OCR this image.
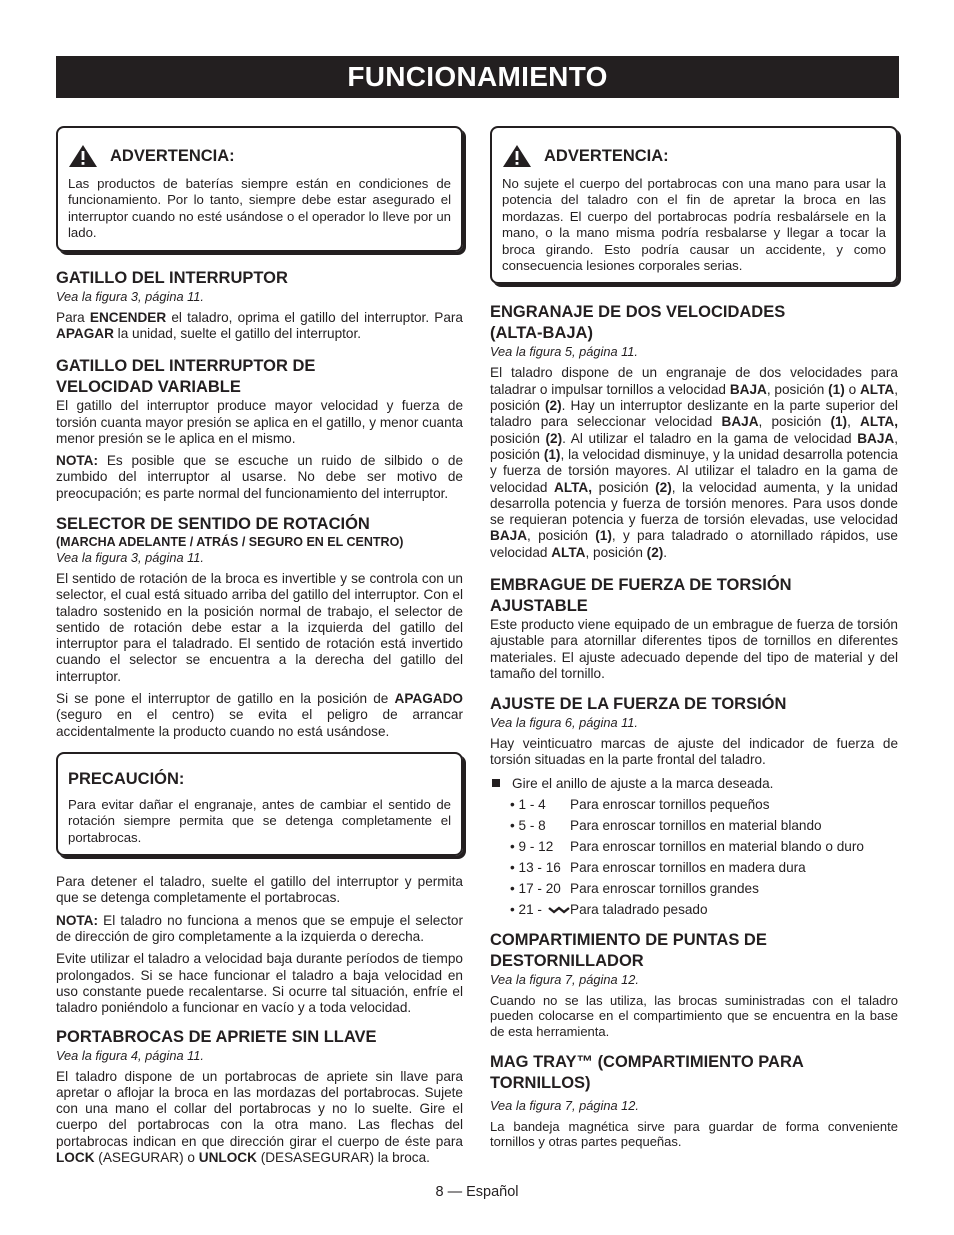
FUNCIONAMIENTO
ADVERTENCIA:

Las productos de baterías siempre están en condiciones de funcionamiento. Por lo tanto, siempre debe estar asegurado el interruptor cuando no esté usándose o el operador lo lleve por un lado.

GATILLO DEL INTERRUPTOR

Vea la figura 3, página 11.

Para ENCENDER el taladro, oprima el gatillo del interruptor. Para APAGAR la unidad, suelte el gatillo del interruptor.

GATILLO DEL INTERRUPTOR DE VELOCIDAD VARIABLE

El gatillo del interruptor produce mayor velocidad y fuerza de torsión cuanta mayor presión se aplica en el gatillo, y menor cuanta menor presión se le aplica en el mismo.

NOTA: Es posible que se escuche un ruido de silbido o de zumbido del interruptor al usarse. No debe ser motivo de preocupación; es parte normal del funcionamiento del interruptor.

SELECTOR DE SENTIDO DE ROTACIÓN

(MARCHA ADELANTE / ATRÁS / SEGURO EN EL CENTRO)

Vea la figura 3, página 11.

El sentido de rotación de la broca es invertible y se controla con un selector, el cual está situado arriba del gatillo del interruptor. Con el taladro sostenido en la posición normal de trabajo, el selector de sentido de rotación debe estar a la izquierda del gatillo del interruptor para el taladrado. El sentido de rotación está invertido cuando el selector se encuentra a la derecha del gatillo del interruptor.

Si se pone el interruptor de gatillo en la posición de APAGADO (seguro en el centro) se evita el peligro de arrancar accidentalmente la producto cuando no está usándose.

PRECAUCIÓN:

Para evitar dañar el engranaje, antes de cambiar el sentido de rotación siempre permita que se detenga completamente el portabrocas.

Para detener el taladro, suelte el gatillo del interruptor y permita que se detenga completamente el portabrocas.

NOTA: El taladro no funciona a menos que se empuje el selector de dirección de giro completamente a la izquierda o derecha.

Evite utilizar el taladro a velocidad baja durante períodos de tiempo prolongados. Si se hace funcionar el taladro a baja velocidad en uso constante puede recalentarse. Si ocurre tal situación, enfríe el taladro poniéndolo a funcionar en vacío y a toda velocidad.

PORTABROCAS DE APRIETE SIN LLAVE

Vea la figura 4, página 11.

El taladro dispone de un portabrocas de apriete sin llave para apretar o aflojar la broca en las mordazas del portabrocas. Sujete con una mano el collar del portabrocas y no lo suelte. Gire el cuerpo del portabrocas con la otra mano. Las flechas del portabrocas indican en que dirección girar el cuerpo de éste para LOCK (ASEGURAR) o UNLOCK (DESASEGURAR) la broca.

ADVERTENCIA:

No sujete el cuerpo del portabrocas con una mano para usar la potencia del taladro con el fin de apretar la broca en las mordazas. El cuerpo del portabrocas podría resbalársele en la mano, o la mano misma podría resbalarse y llegar a tocar la broca girando. Esto podría causar un accidente, y como consecuencia lesiones corporales serias.

ENGRANAJE DE DOS VELOCIDADES (ALTA-BAJA)

Vea la figura 5, página 11.

El taladro dispone de un engranaje de dos velocidades para taladrar o impulsar tornillos a velocidad BAJA, posición (1) o ALTA, posición (2). Hay un interruptor deslizante en la parte superior del taladro para seleccionar velocidad BAJA, posición (1), ALTA, posición (2). Al utilizar el taladro en la gama de velocidad BAJA, posición (1), la velocidad disminuye, y la unidad desarrolla potencia y fuerza de torsión mayores. Al utilizar el taladro en la gama de velocidad ALTA, posición (2), la velocidad aumenta, y la unidad desarrolla potencia y fuerza de torsión menores. Para usos donde se requieran potencia y fuerza de torsión elevadas, use velocidad BAJA, posición (1), y para taladrado o atornillado rápidos, use velocidad ALTA, posición (2).

EMBRAGUE DE FUERZA DE TORSIÓN AJUSTABLE

Este producto viene equipado de un embrague de fuerza de torsión ajustable para atornillar diferentes tipos de tornillos en diferentes materiales. El ajuste adecuado depende del tipo de material y del tamaño del tornillo.

AJUSTE DE LA FUERZA DE TORSIÓN

Vea la figura 6, página 11.

Hay veinticuatro marcas de ajuste del indicador de fuerza de torsión situadas en la parte frontal del taladro.

Gire el anillo de ajuste a la marca deseada.
• 1 - 4	Para enroscar tornillos pequeños
• 5 - 8	Para enroscar tornillos en material blando
• 9 - 12	Para enroscar tornillos en material blando o duro
• 13 - 16 Para enroscar tornillos en madera dura
• 17 - 20 Para enroscar tornillos grandes
• 21 -	Para taladrado pesado
COMPARTIMIENTO DE PUNTAS DE DESTORNILLADOR

Vea la figura 7, página 12.

Cuando no se las utiliza, las brocas suministradas con el taladro pueden colocarse en el compartimiento que se encuentra en la base de esta herramienta.

MAG TRAY™ (COMPARTIMIENTO PARA TORNILLOS)

Vea la figura 7, página 12.

La bandeja magnética sirve para guardar de forma conveniente tornillos y otras partes pequeñas.

8 — Español
